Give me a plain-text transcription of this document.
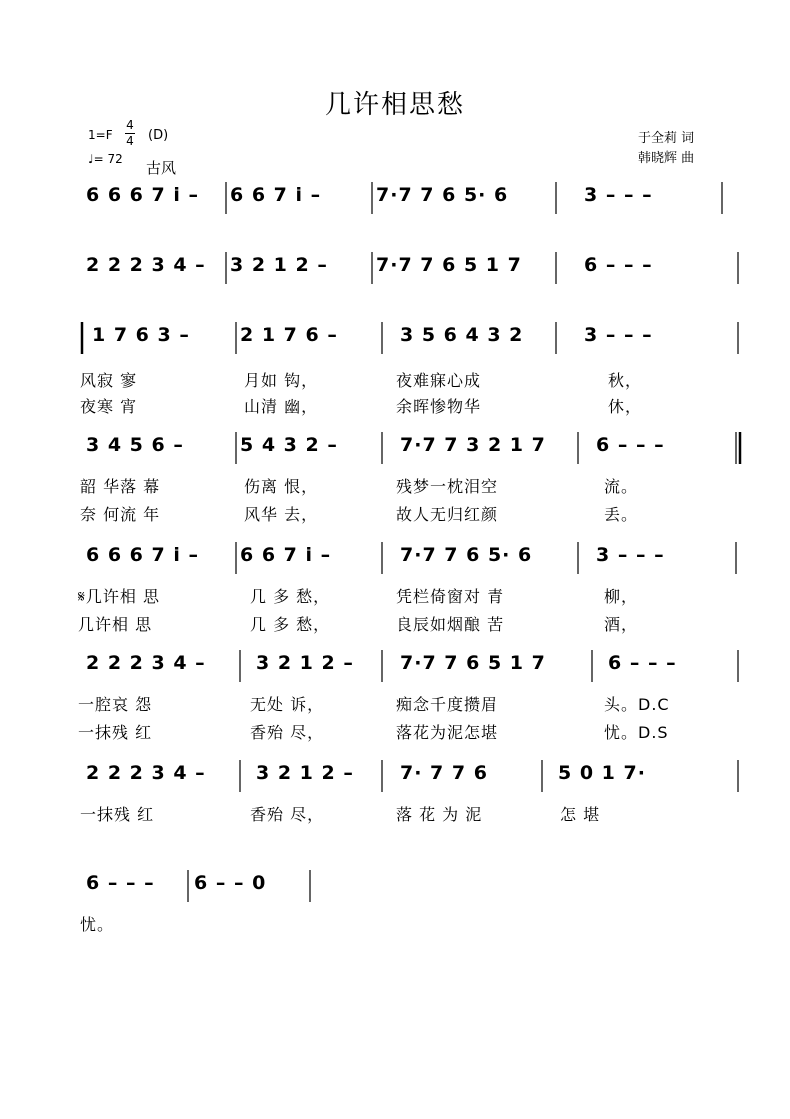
几许相思愁
1=F
4
4 (D)
♩= 72 古风
于全莉 词
韩晓辉 曲
6 6 6 7 i – 6 6 7 i –	7·7 7 6 5· 6	3 – – –
2 2 2 3 4 – 3 2 1 2 –	7·7 7 6 5 1 7	6 – – –
1 7 6 3 –	2 1 7 6 –	3 5 6 4 3 2	3 – – –
风寂 寥	月如 钩，	夜难寐心成	秋，
夜寒 宵	山清 幽，	余晖惨物华	休，
3 4 5 6 –	5 4 3 2 –	7·7 7 3 2 1 7	6 – – –
韶 华落 幕	伤离 恨，	残梦一枕泪空	流。
奈 何流 年	风华 去，	故人无归红颜	丢。
6 6 6 7 i – 6 6 7 i –	7·7 7 6 5· 6	3 – – –
𝄋几许相 思	几 多 愁，	凭栏倚窗对 青	柳，
几许相 思	几 多 愁，	良辰如烟酿 苦	酒，
2 2 2 3 4 –	3 2 1 2 – 7·7 7 6 5 1 7	6 – – –
一腔哀 怨	无处 诉，	痴念千度攒眉	头。D.C
一抹残 红	香殆 尽，	落花为泥怎堪	忧。D.S
2 2 2 3 4 –	3 2 1 2 – 7· 7 7 6	5 0 1 7·
一抹残 红	香殆 尽，	落 花 为 泥	怎 堪
6 – – – 6 – – 0
忧。
